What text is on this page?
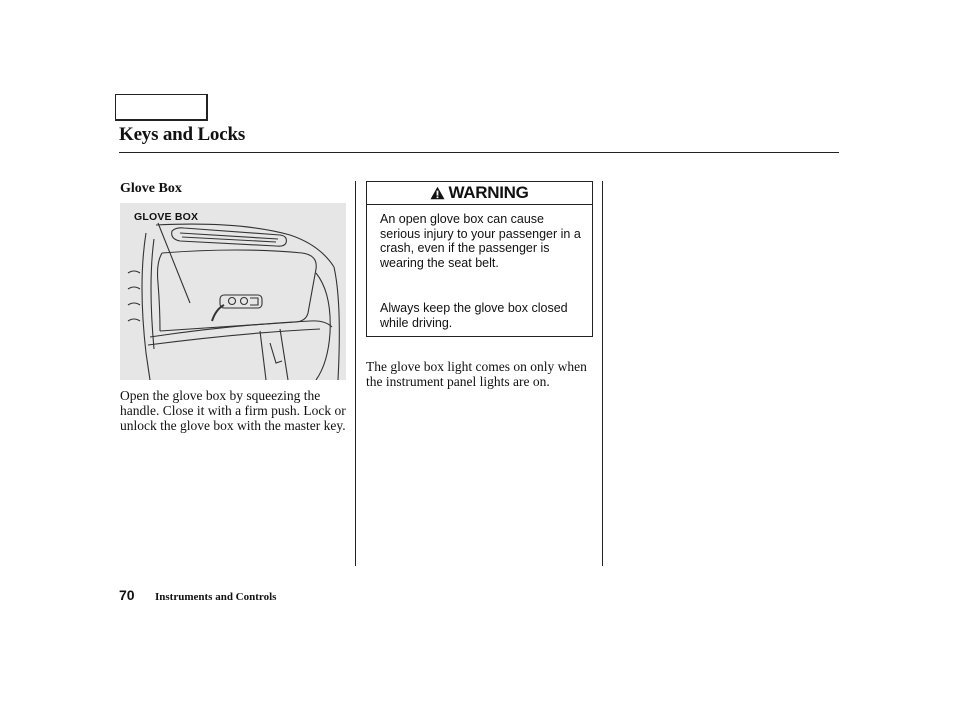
Keys and Locks
Glove Box
GLOVE BOX
Open the glove box by squeezing the handle. Close it with a firm push. Lock or unlock the glove box with the master key.
WARNING
An open glove box can cause serious injury to your passenger in a crash, even if the passenger is wearing the seat belt.
Always keep the glove box closed while driving.
The glove box light comes on only when the instrument panel lights are on.
70 Instruments and Controls
